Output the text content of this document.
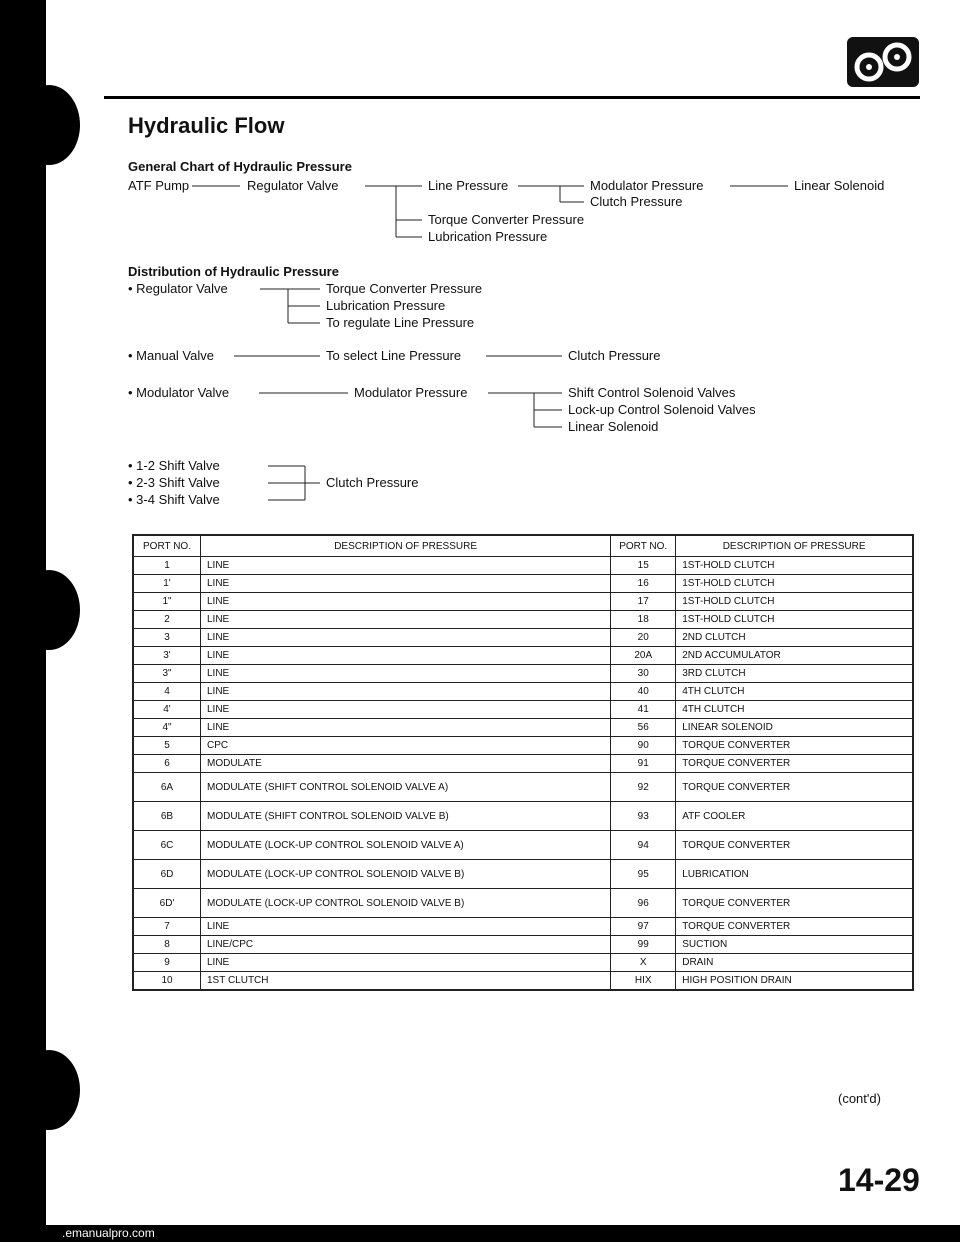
Hydraulic Flow
General Chart of Hydraulic Pressure
ATF Pump	Regulator Valve	Line Pressure	Modulator Pressure	Linear Solenoid
Clutch Pressure
Torque Converter Pressure
Lubrication Pressure
Distribution of Hydraulic Pressure
• Regulator Valve	Torque Converter Pressure
Lubrication Pressure
To regulate Line Pressure
• Manual Valve	To select Line Pressure	Clutch Pressure
• Modulator Valve	Modulator Pressure	Shift Control Solenoid Valves
Lock-up Control Solenoid Valves
Linear Solenoid
• 1-2 Shift Valve
• 2-3 Shift Valve
• 3-4 Shift Valve
Clutch Pressure
PORT NO.	DESCRIPTION OF PRESSURE	PORT NO.	DESCRIPTION OF PRESSURE
1	LINE	15	1ST-HOLD CLUTCH
1'	LINE	16	1ST-HOLD CLUTCH
1"	LINE	17	1ST-HOLD CLUTCH
2	LINE	18	1ST-HOLD CLUTCH
3	LINE	20	2ND CLUTCH
3'	LINE	20A	2ND ACCUMULATOR
3"	LINE	30	3RD CLUTCH
4	LINE	40	4TH CLUTCH
4'	LINE	41	4TH CLUTCH
4"	LINE	56	LINEAR SOLENOID
5	CPC	90	TORQUE CONVERTER
6	MODULATE	91	TORQUE CONVERTER
6A	MODULATE (SHIFT CONTROL SOLENOID VALVE A)	92	TORQUE CONVERTER
6B	MODULATE (SHIFT CONTROL SOLENOID VALVE B)	93	ATF COOLER
6C	MODULATE (LOCK-UP CONTROL SOLENOID VALVE A)	94	TORQUE CONVERTER
6D	MODULATE (LOCK-UP CONTROL SOLENOID VALVE B)	95	LUBRICATION
6D'	MODULATE (LOCK-UP CONTROL SOLENOID VALVE B)	96	TORQUE CONVERTER
7	LINE	97	TORQUE CONVERTER
8	LINE/CPC	99	SUCTION
9	LINE	X	DRAIN
10	1ST CLUTCH	HIX	HIGH POSITION DRAIN
(cont'd)
14-29
.emanualpro.com
